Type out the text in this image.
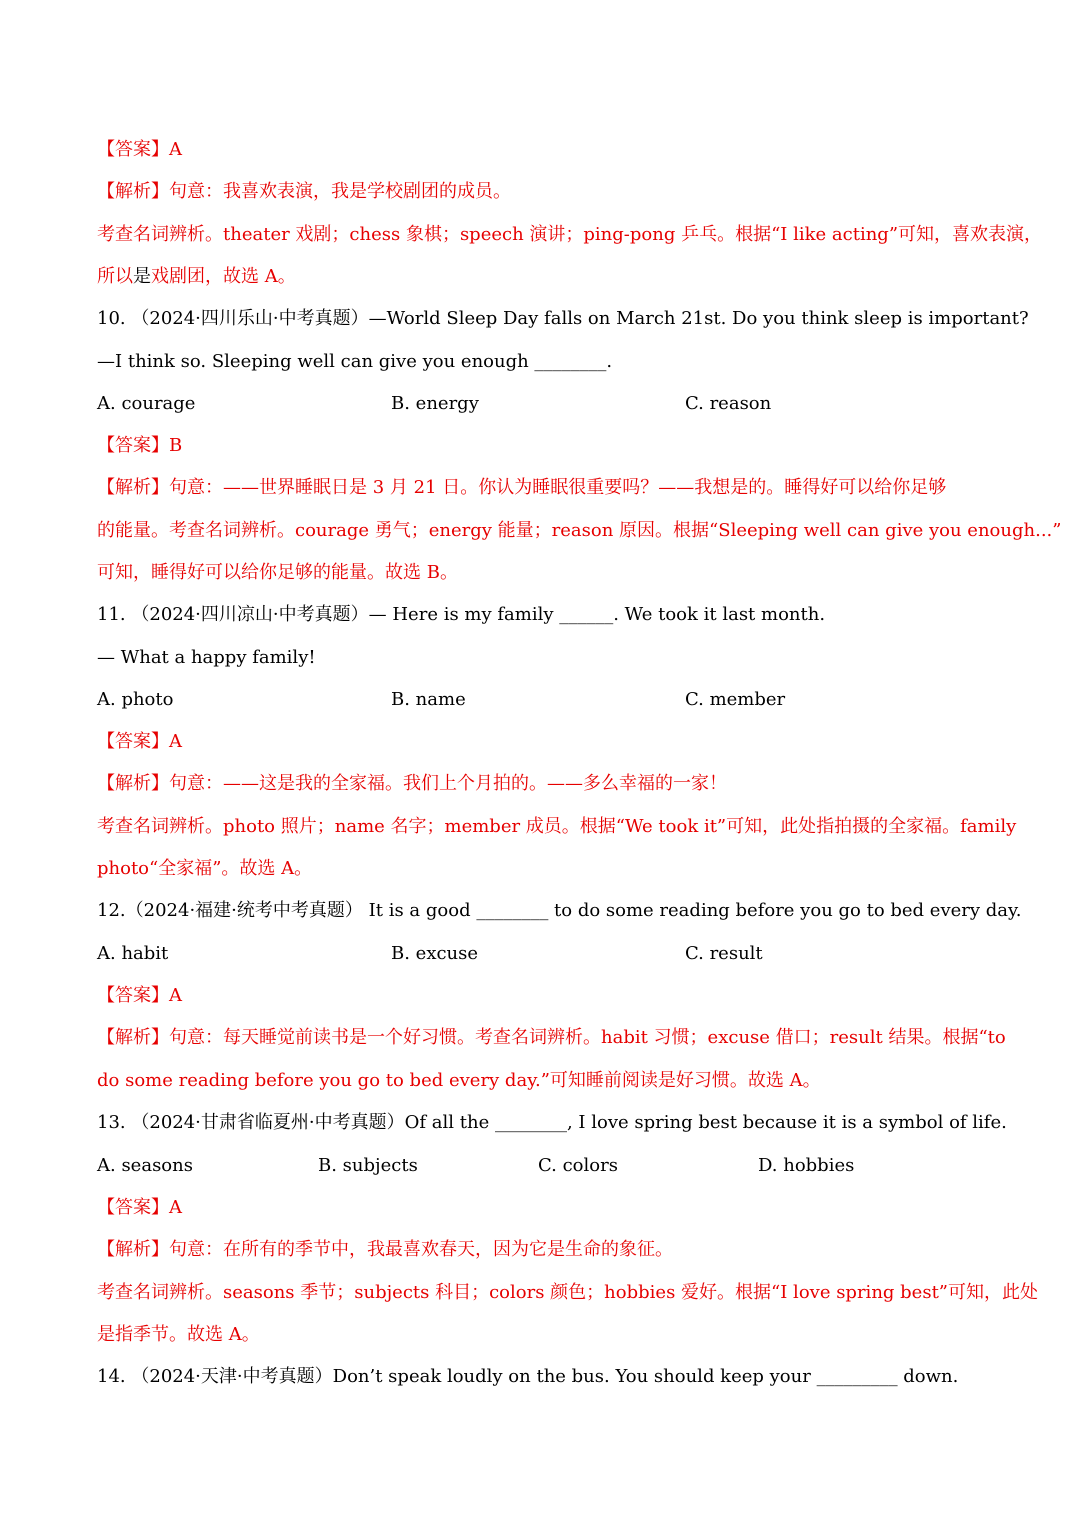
【答案】A
【解析】句意：我喜欢表演，我是学校剧团的成员。
考查名词辨析。theater 戏剧；chess 象棋；speech 演讲；ping-pong 乒乓。根据“I like acting”可知，喜欢表演，
所以是戏剧团，故选 A。
10. （2024·四川乐山·中考真题）—World Sleep Day falls on March 21st. Do you think sleep is important?
—I think so. Sleeping well can give you enough ________.
A. courage	B. energy	C. reason
【答案】B
【解析】句意：——世界睡眠日是 3 月 21 日。你认为睡眠很重要吗？——我想是的。睡得好可以给你足够
的能量。考查名词辨析。courage 勇气；energy 能量；reason 原因。根据“Sleeping well can give you enough...”
可知，睡得好可以给你足够的能量。故选 B。
11. （2024·四川凉山·中考真题）— Here is my family ______. We took it last month.
— What a happy family!
A. photo	B. name	C. member
【答案】A
【解析】句意：——这是我的全家福。我们上个月拍的。——多么幸福的一家！
考查名词辨析。photo 照片；name 名字；member 成员。根据“We took it”可知，此处指拍摄的全家福。family
photo“全家福”。故选 A。
12.（2024·福建·统考中考真题） It is a good ________ to do some reading before you go to bed every day.
A. habit	B. excuse	C. result
【答案】A
【解析】句意：每天睡觉前读书是一个好习惯。考查名词辨析。habit 习惯；excuse 借口；result 结果。根据“to
do some reading before you go to bed every day.”可知睡前阅读是好习惯。故选 A。
13. （2024·甘肃省临夏州·中考真题）Of all the ________, I love spring best because it is a symbol of life.
A. seasons	B. subjects	C. colors	D. hobbies
【答案】A
【解析】句意：在所有的季节中，我最喜欢春天，因为它是生命的象征。
考查名词辨析。seasons 季节；subjects 科目；colors 颜色；hobbies 爱好。根据“I love spring best”可知，此处
是指季节。故选 A。
14. （2024·天津·中考真题）Don’t speak loudly on the bus. You should keep your _________ down.
